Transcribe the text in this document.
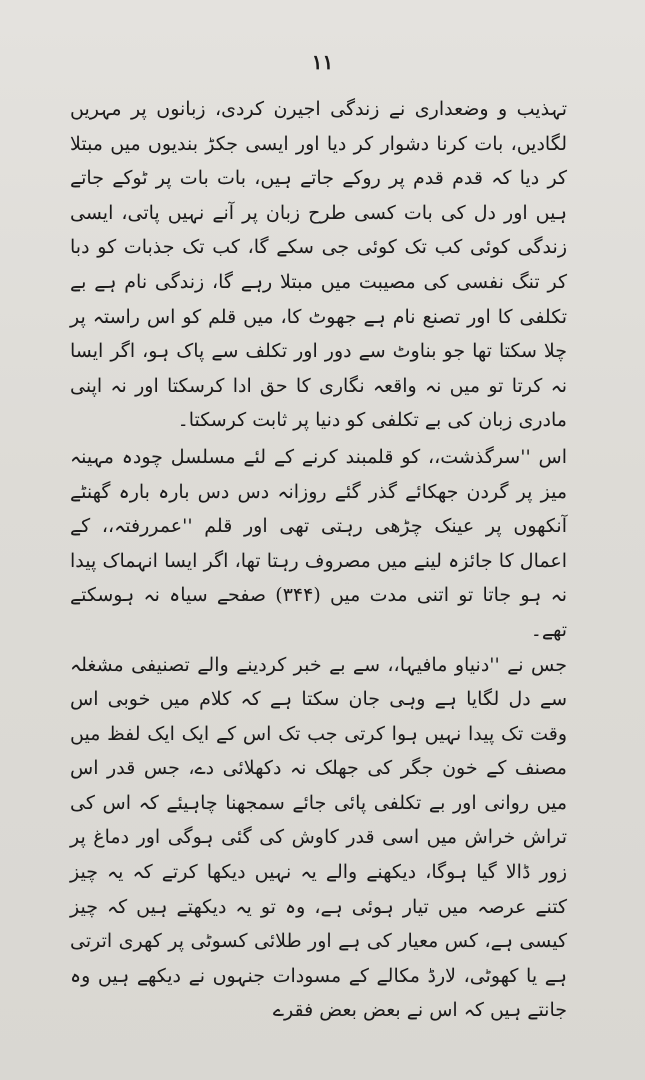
۱۱

تہذیب و وضعداری نے زندگی اجیرن کردی، زبانوں پر مہریں لگادیں، بات کرنا دشوار کر دیا اور ایسی جکڑ بندیوں میں مبتلا کر دیا کہ قدم قدم پر روکے جاتے ہیں، بات بات پر ٹوکے جاتے ہیں اور دل کی بات کسی طرح زبان پر آنے نہیں پاتی، ایسی زندگی کوئی کب تک کوئی جی سکے گا، کب تک جذبات کو دبا کر تنگ نفسی کی مصیبت میں مبتلا رہے گا، زندگی نام ہے بے تکلفی کا اور تصنع نام ہے جھوٹ کا، میں قلم کو اس راستہ پر چلا سکتا تھا جو بناوٹ سے دور اور تکلف سے پاک ہو، اگر ایسا نہ کرتا تو میں نہ واقعہ نگاری کا حق ادا کرسکتا اور نہ اپنی مادری زبان کی بے تکلفی کو دنیا پر ثابت کرسکتا۔

اس ''سرگذشت،، کو قلمبند کرنے کے لئے مسلسل چودہ مہینہ میز پر گردن جھکائے گذر گئے روزانہ دس دس بارہ بارہ گھنٹے آنکھوں پر عینک چڑھی رہتی تھی اور قلم ''عمررفتہ،، کے اعمال کا جائزہ لینے میں مصروف رہتا تھا، اگر ایسا انہماک پیدا نہ ہو جاتا تو اتنی مدت میں (۳۴۴) صفحے سیاہ نہ ہوسکتے تھے۔

جس نے ''دنیاو مافیہا،، سے بے خبر کردینے والے تصنیفی مشغلہ سے دل لگایا ہے وہی جان سکتا ہے کہ کلام میں خوبی اس وقت تک پیدا نہیں ہوا کرتی جب تک اس کے ایک ایک لفظ میں مصنف کے خون جگر کی جھلک نہ دکھلائی دے، جس قدر اس میں روانی اور بے تکلفی پائی جائے سمجھنا چاہیئے کہ اس کی تراش خراش میں اسی قدر کاوش کی گئی ہوگی اور دماغ پر زور ڈالا گیا ہوگا، دیکھنے والے یہ نہیں دیکھا کرتے کہ یہ چیز کتنے عرصہ میں تیار ہوئی ہے، وہ تو یہ دیکھتے ہیں کہ چیز کیسی ہے، کس معیار کی ہے اور طلائی کسوٹی پر کھری اترتی ہے یا کھوٹی، لارڈ مکالے کے مسودات جنہوں نے دیکھے ہیں وہ جانتے ہیں کہ اس نے بعض بعض فقرے
